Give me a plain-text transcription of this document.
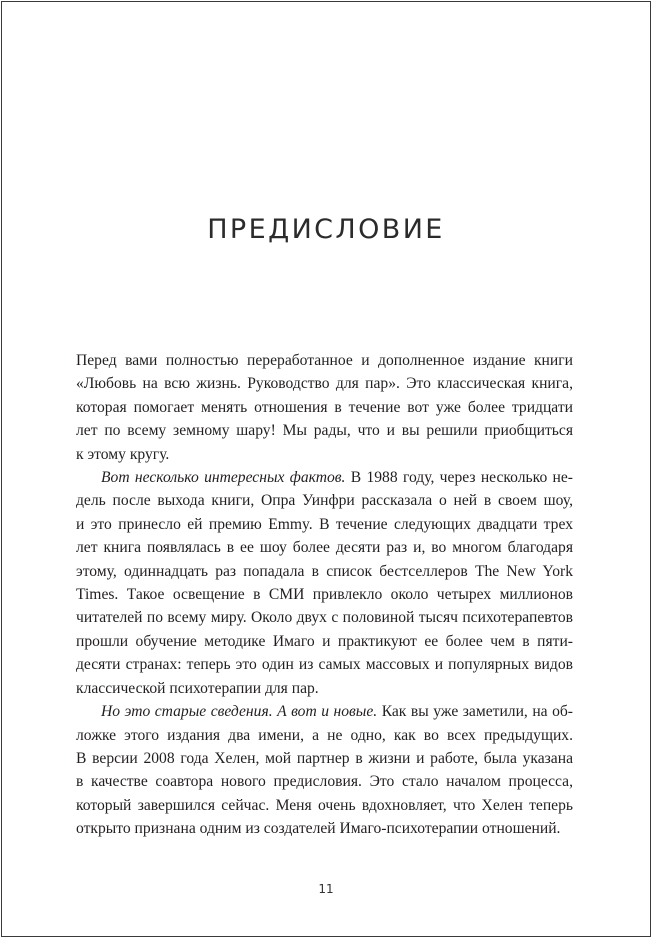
ПРЕДИСЛОВИЕ
Перед вами полностью переработанное и дополненное издание книги
«Любовь на всю жизнь. Руководство для пар». Это классическая книга,
которая помогает менять отношения в течение вот уже более тридцати
лет по всему земному шару! Мы рады, что и вы решили приобщиться
к этому кругу.
Вот несколько интересных фактов. В 1988 году, через несколько не-
дель после выхода книги, Опра Уинфри рассказала о ней в своем шоу,
и это принесло ей премию Emmy. В течение следующих двадцати трех
лет книга появлялась в ее шоу более десяти раз и, во многом благодаря
этому, одиннадцать раз попадала в список бестселлеров The New York
Times. Такое освещение в СМИ привлекло около четырех миллионов
читателей по всему миру. Около двух с половиной тысяч психотерапевтов
прошли обучение методике Имаго и практикуют ее более чем в пяти-
десяти странах: теперь это один из самых массовых и популярных видов
классической психотерапии для пар.
Но это старые сведения. А вот и новые. Как вы уже заметили, на об-
ложке этого издания два имени, а не одно, как во всех предыдущих.
В версии 2008 года Хелен, мой партнер в жизни и работе, была указана
в качестве соавтора нового предисловия. Это стало началом процесса,
который завершился сейчас. Меня очень вдохновляет, что Хелен теперь
открыто признана одним из создателей Имаго-психотерапии отношений.
11
